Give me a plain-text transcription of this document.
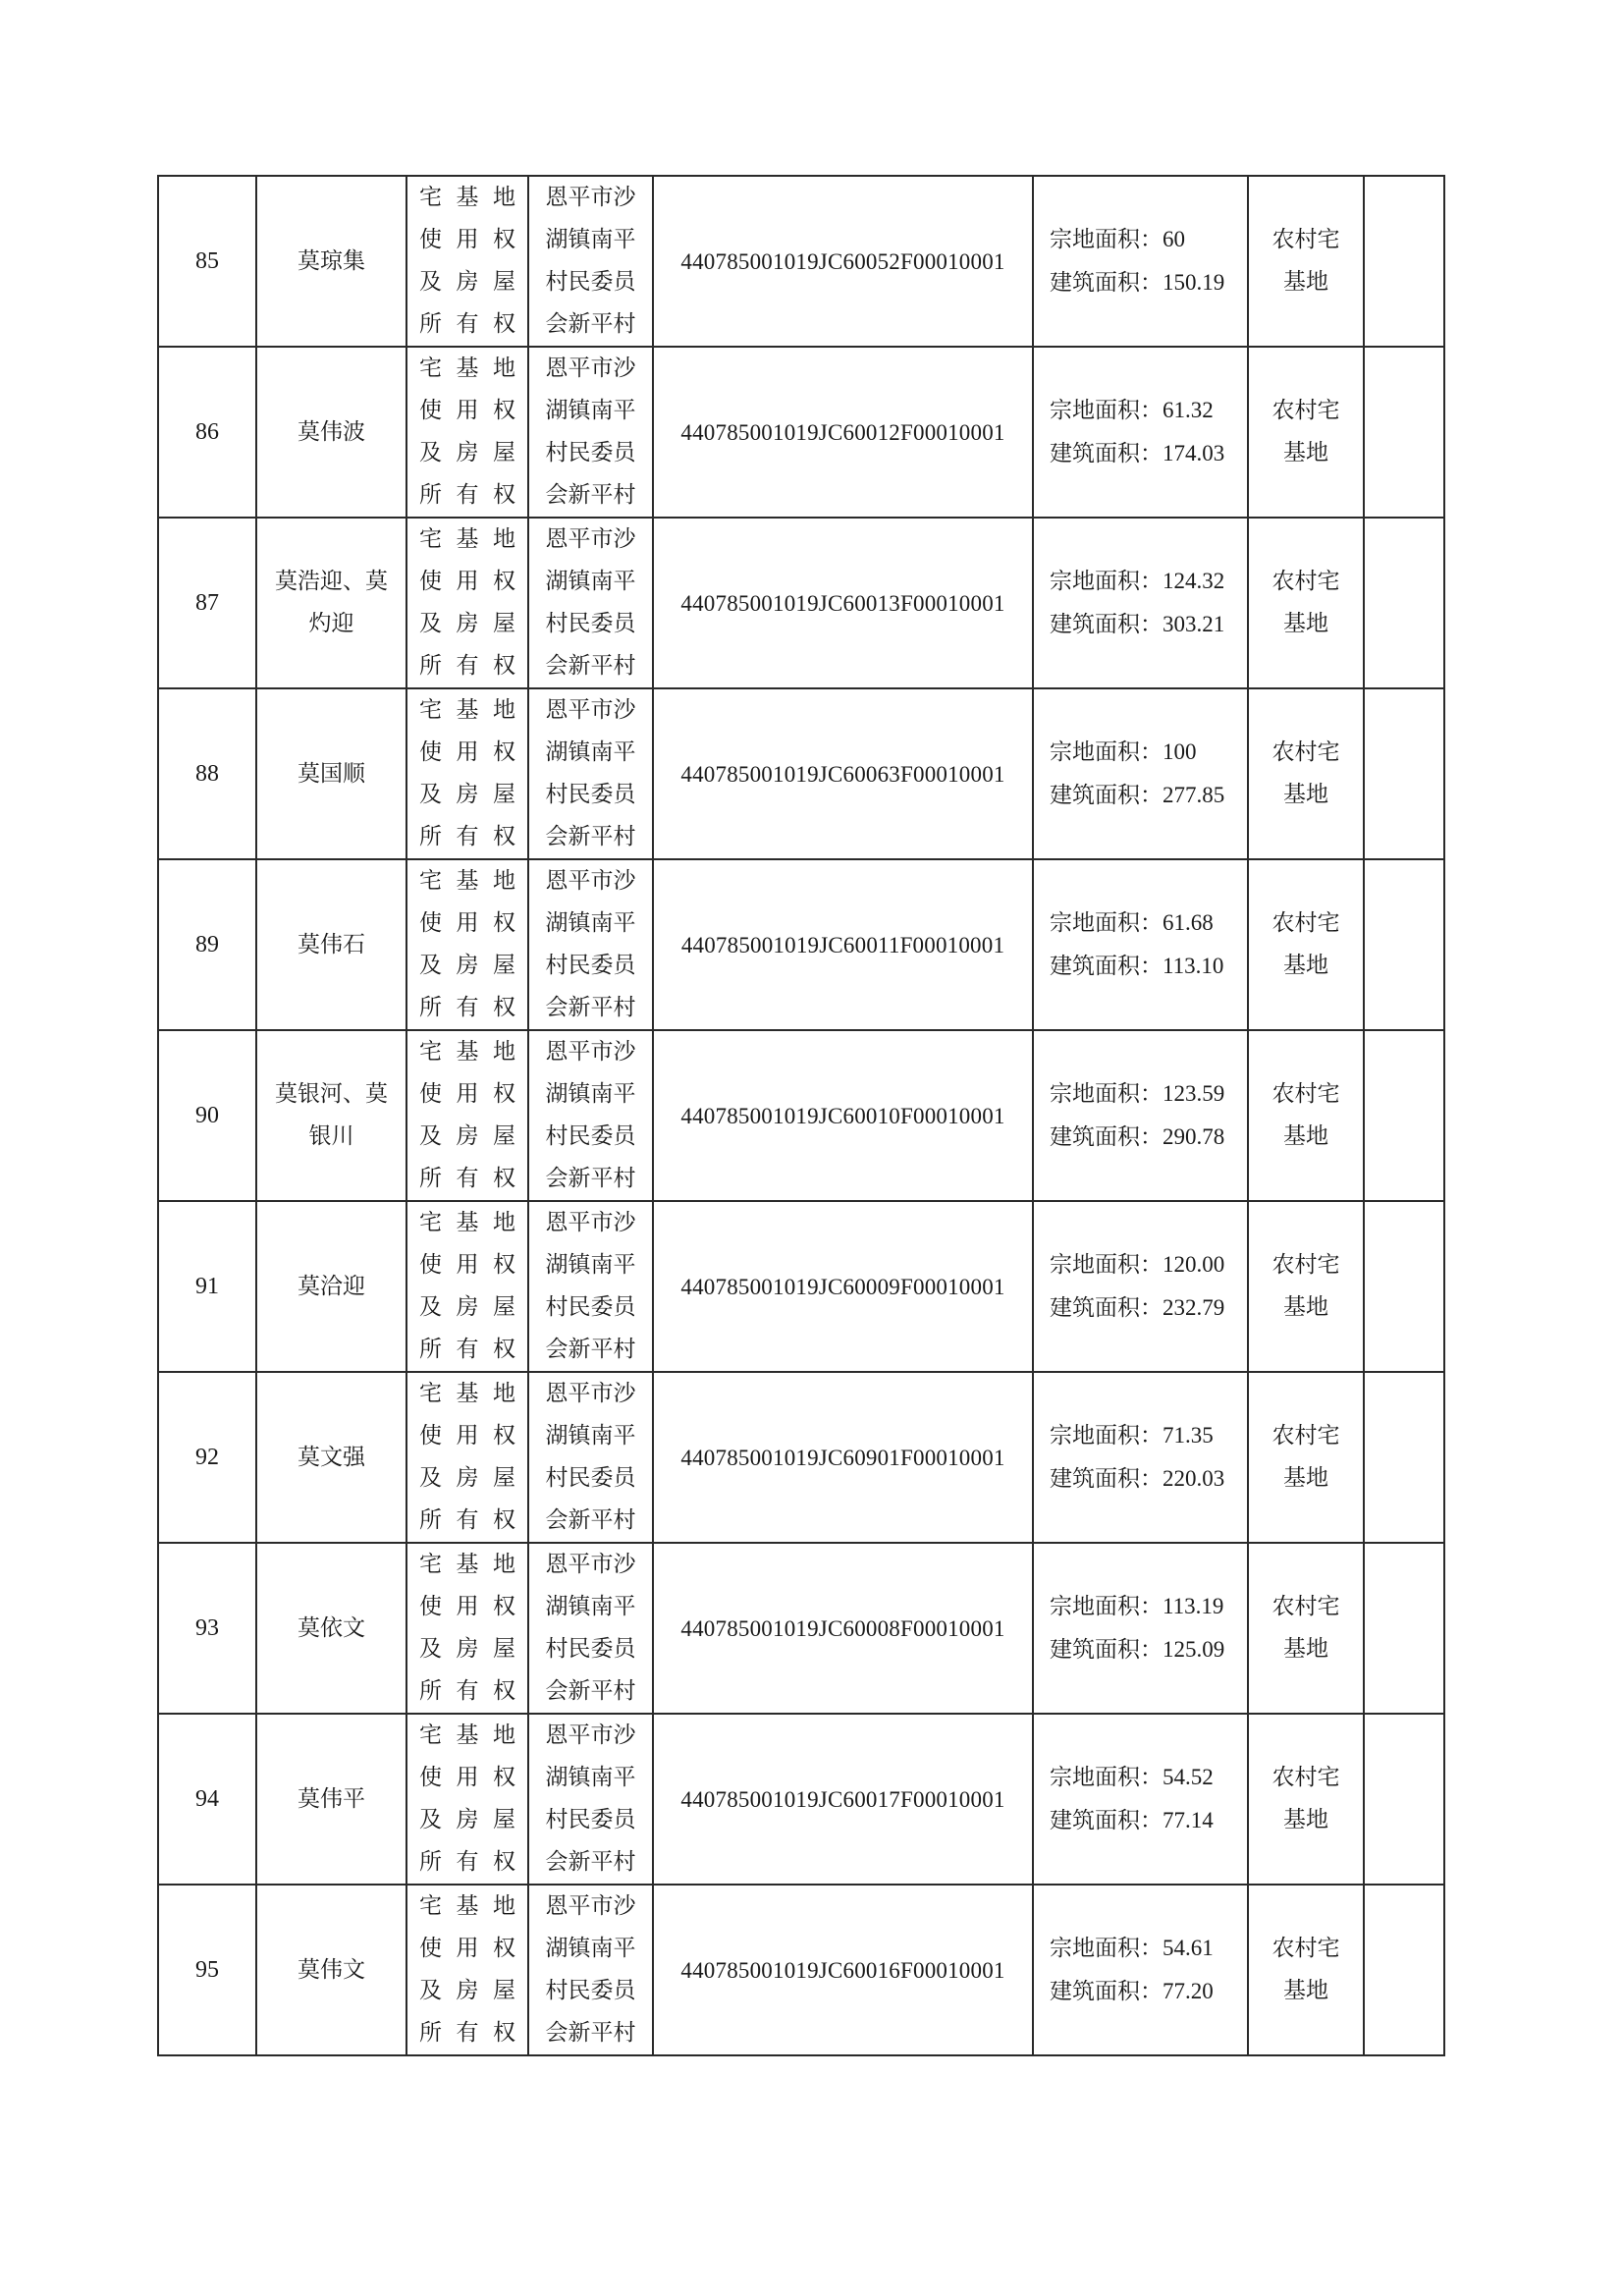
85	莫琼集	宅基地
使用权
及房屋
所有权	恩平市沙
湖镇南平
村民委员
会新平村	440785001019JC60052F00010001	宗地面积：60
建筑面积：150.19	农村宅
基地	

86	莫伟波	宅基地
使用权
及房屋
所有权	恩平市沙
湖镇南平
村民委员
会新平村	440785001019JC60012F00010001	宗地面积：61.32
建筑面积：174.03	农村宅
基地	

87	莫浩迎、莫灼迎	宅基地
使用权
及房屋
所有权	恩平市沙
湖镇南平
村民委员
会新平村	440785001019JC60013F00010001	宗地面积：124.32
建筑面积：303.21	农村宅
基地	

88	莫国顺	宅基地
使用权
及房屋
所有权	恩平市沙
湖镇南平
村民委员
会新平村	440785001019JC60063F00010001	宗地面积：100
建筑面积：277.85	农村宅
基地	

89	莫伟石	宅基地
使用权
及房屋
所有权	恩平市沙
湖镇南平
村民委员
会新平村	440785001019JC60011F00010001	宗地面积：61.68
建筑面积：113.10	农村宅
基地	

90	莫银河、莫银川	宅基地
使用权
及房屋
所有权	恩平市沙
湖镇南平
村民委员
会新平村	440785001019JC60010F00010001	宗地面积：123.59
建筑面积：290.78	农村宅
基地	

91	莫洽迎	宅基地
使用权
及房屋
所有权	恩平市沙
湖镇南平
村民委员
会新平村	440785001019JC60009F00010001	宗地面积：120.00
建筑面积：232.79	农村宅
基地	

92	莫文强	宅基地
使用权
及房屋
所有权	恩平市沙
湖镇南平
村民委员
会新平村	440785001019JC60901F00010001	宗地面积：71.35
建筑面积：220.03	农村宅
基地	

93	莫依文	宅基地
使用权
及房屋
所有权	恩平市沙
湖镇南平
村民委员
会新平村	440785001019JC60008F00010001	宗地面积：113.19
建筑面积：125.09	农村宅
基地	

94	莫伟平	宅基地
使用权
及房屋
所有权	恩平市沙
湖镇南平
村民委员
会新平村	440785001019JC60017F00010001	宗地面积：54.52
建筑面积：77.14	农村宅
基地	

95	莫伟文	宅基地
使用权
及房屋
所有权	恩平市沙
湖镇南平
村民委员
会新平村	440785001019JC60016F00010001	宗地面积：54.61
建筑面积：77.20	农村宅
基地	
